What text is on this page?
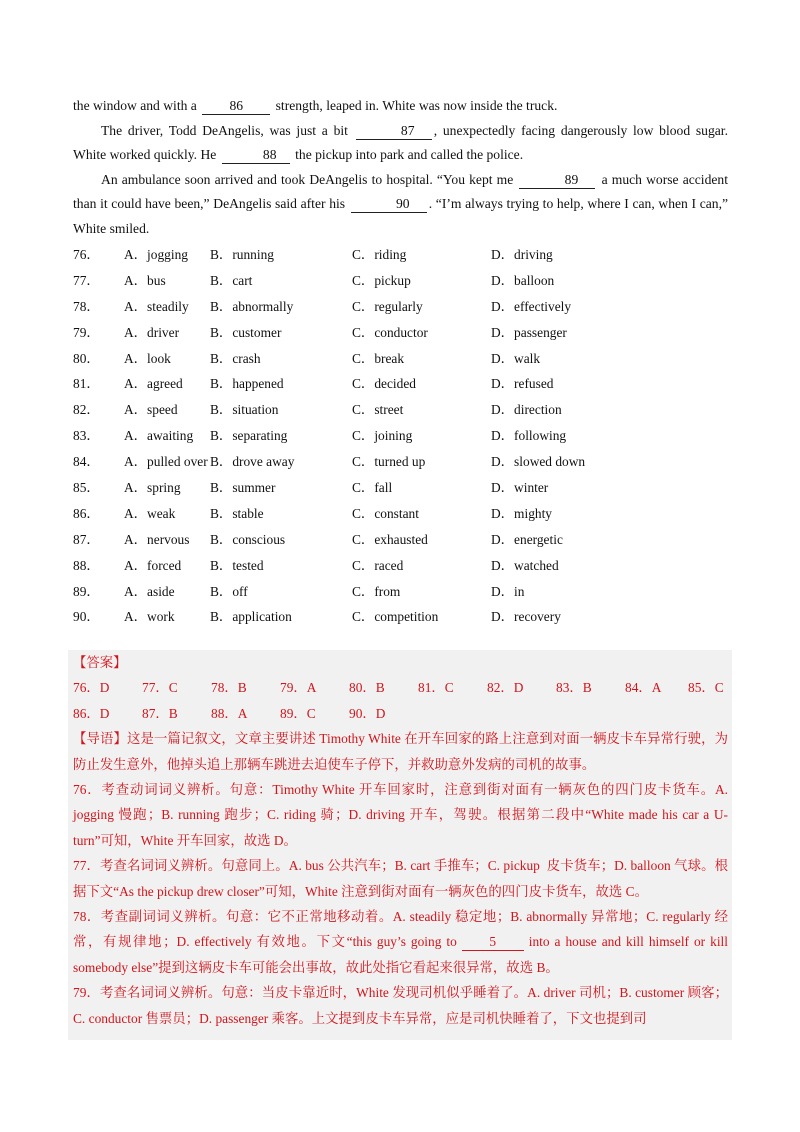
the window and with a 86 strength, leaped in. White was now inside the truck.

The driver, Todd DeAngelis, was just a bit	87 , unexpectedly facing dangerously low blood sugar. White worked quickly. He	88 the pickup into park and called the police.

An ambulance soon arrived and took DeAngelis to hospital. “You kept me	89 a much worse accident than it could have been,” DeAngelis said after his	90 . “I’m always trying to help, where I can, when I can,” White smiled.

76． A．jogging B．running	C．riding	D．driving
77． A．bus	B．cart	C．pickup	D．balloon
78． A．steadily B．abnormally	C．regularly	D．effectively
79． A．driver B．customer	C．conductor	D．passenger
80． A．look	B．crash	C．break	D．walk
81． A．agreed B．happened	C．decided	D．refused
82． A．speed B．situation	C．street	D．direction
83． A．awaiting B．separating	C．joining	D．following
84． A．pulled over B．drove away	C．turned up	D．slowed down
85． A．spring B．summer	C．fall	D．winter
86． A．weak	B．stable	C．constant	D．mighty
87． A．nervous B．conscious	C．exhausted	D．energetic
88． A．forced B．tested	C．raced	D．watched
89． A．aside	B．off	C．from	D．in
90． A．work	B．application	C．competition	D．recovery

【答案】

76．D 77．C 78．B 79．A 80．B 81．C 82．D 83．B 84．A 85．C
86．D 87．B 88．A 89．C 90．D

【导语】这是一篇记叙文，文章主要讲述 Timothy White 在开车回家的路上注意到对面一辆皮卡车异常行驶，为防止发生意外，他掉头追上那辆车跳进去迫使车子停下，并救助意外发病的司机的故事。

76．考查动词词义辨析。句意：Timothy White 开车回家时，注意到街对面有一辆灰色的四门皮卡货车。A. jogging 慢跑；B. running 跑步；C. riding 骑；D. driving 开车，驾驶。根据第二段中“White made his car a U-turn”可知，White 开车回家，故选 D。

77．考查名词词义辨析。句意同上。A. bus 公共汽车；B. cart 手推车；C. pickup  皮卡货车；D. balloon 气球。根据下文“As the pickup drew closer”可知，White 注意到街对面有一辆灰色的四门皮卡货车，故选 C。

78．考查副词词义辨析。句意：它不正常地移动着。A. steadily 稳定地；B. abnormally 异常地；C. regularly 经常，有规律地；D. effectively 有效地。下文“this guy’s going to 5 into a house and kill himself or kill somebody else”提到这辆皮卡车可能会出事故，故此处指它看起来很异常，故选 B。

79．考查名词词义辨析。句意：当皮卡靠近时，White 发现司机似乎睡着了。A. driver 司机；B. customer 顾客；C. conductor 售票员；D. passenger 乘客。上文提到皮卡车异常，应是司机快睡着了，下文也提到司
